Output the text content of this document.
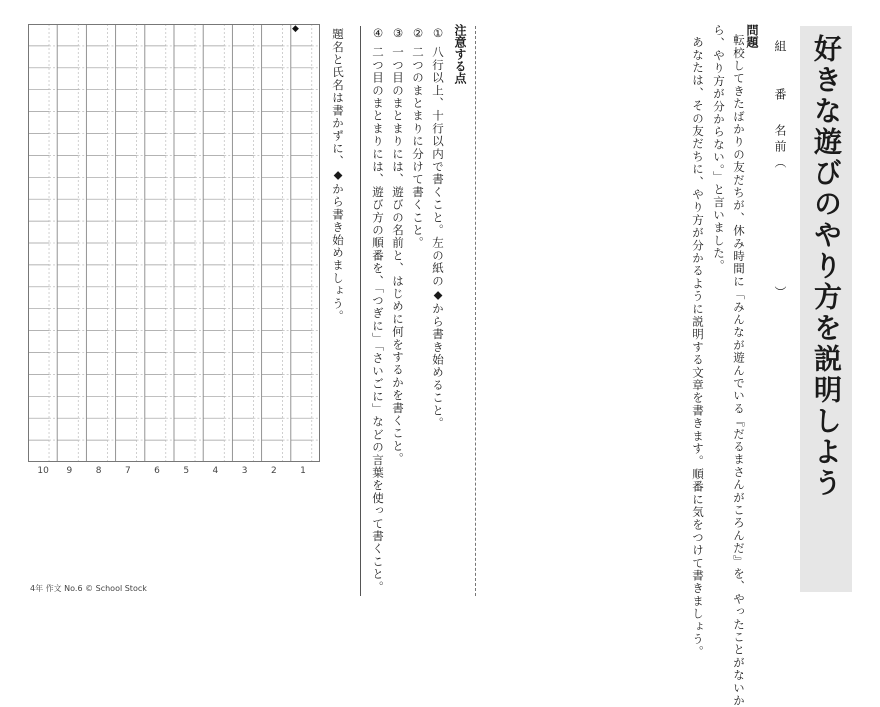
好きな遊びのやり方を説明しよう
組
番
名前（
）
問題
転校してきたばかりの友だちが、休み時間に「みんなが遊んでいる『だるまさんがころんだ』を、やったことがないか
ら、やり方が分からない。」と言いました。
あなたは、その友だちに、やり方が分かるように説明する文章を書きます。順番に気をつけて書きましょう。
注意する点
① 八行以上、十行以内で書くこと。左の紙の◆から書き始めること。
② 二つのまとまりに分けて書くこと。
③ 一つ目のまとまりには、遊びの名前と、はじめに何をするかを書くこと。
④ 二つ目のまとまりには、遊び方の順番を、「つぎに」「さいごに」などの言葉を使って書くこと。
題名と氏名は書かずに、◆から書き始めましょう。
◆
1
2
3
4
5
6
7
8
9
10
4年 作文 No.6 © School Stock
